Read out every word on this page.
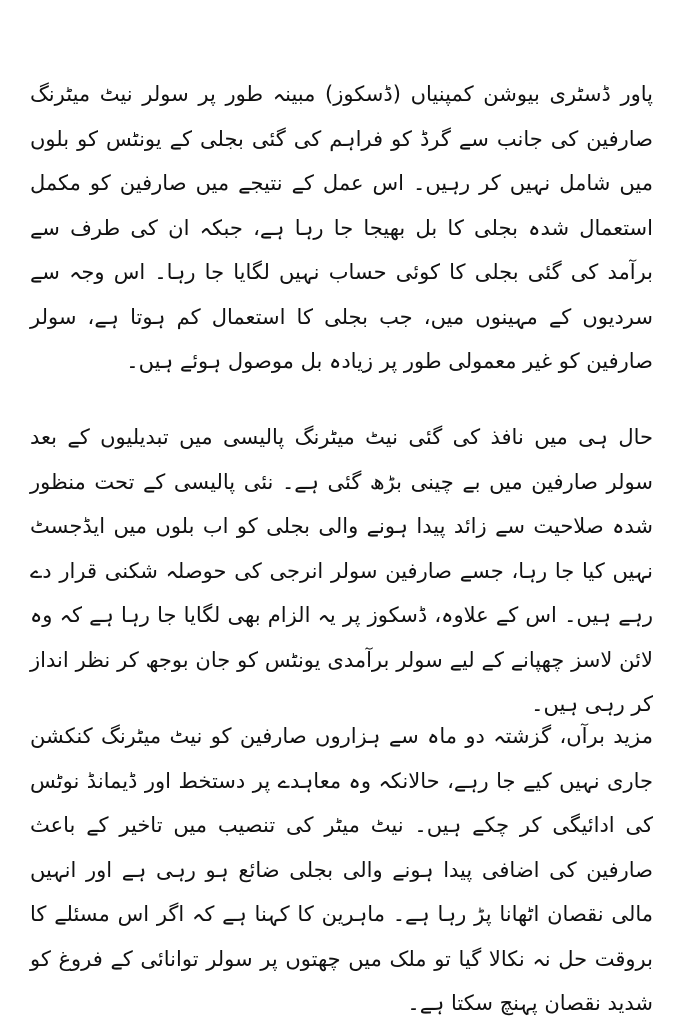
پاور ڈسٹری بیوشن کمپنیاں (ڈسکوز) مبینہ طور پر سولر نیٹ میٹرنگ صارفین کی جانب سے گرڈ کو فراہم کی گئی بجلی کے یونٹس کو بلوں میں شامل نہیں کر رہیں۔ اس عمل کے نتیجے میں صارفین کو مکمل استعمال شدہ بجلی کا بل بھیجا جا رہا ہے، جبکہ ان کی طرف سے برآمد کی گئی بجلی کا کوئی حساب نہیں لگایا جا رہا۔ اس وجہ سے سردیوں کے مہینوں میں، جب بجلی کا استعمال کم ہوتا ہے، سولر صارفین کو غیر معمولی طور پر زیادہ بل موصول ہوئے ہیں۔

حال ہی میں نافذ کی گئی نیٹ میٹرنگ پالیسی میں تبدیلیوں کے بعد سولر صارفین میں بے چینی بڑھ گئی ہے۔ نئی پالیسی کے تحت منظور شدہ صلاحیت سے زائد پیدا ہونے والی بجلی کو اب بلوں میں ایڈجسٹ نہیں کیا جا رہا، جسے صارفین سولر انرجی کی حوصلہ شکنی قرار دے رہے ہیں۔ اس کے علاوہ، ڈسکوز پر یہ الزام بھی لگایا جا رہا ہے کہ وہ لائن لاسز چھپانے کے لیے سولر برآمدی یونٹس کو جان بوجھ کر نظر انداز کر رہی ہیں۔

مزید برآں، گزشتہ دو ماہ سے ہزاروں صارفین کو نیٹ میٹرنگ کنکشن جاری نہیں کیے جا رہے، حالانکہ وہ معاہدے پر دستخط اور ڈیمانڈ نوٹس کی ادائیگی کر چکے ہیں۔ نیٹ میٹر کی تنصیب میں تاخیر کے باعث صارفین کی اضافی پیدا ہونے والی بجلی ضائع ہو رہی ہے اور انہیں مالی نقصان اٹھانا پڑ رہا ہے۔ ماہرین کا کہنا ہے کہ اگر اس مسئلے کا بروقت حل نہ نکالا گیا تو ملک میں چھتوں پر سولر توانائی کے فروغ کو شدید نقصان پہنچ سکتا ہے۔
